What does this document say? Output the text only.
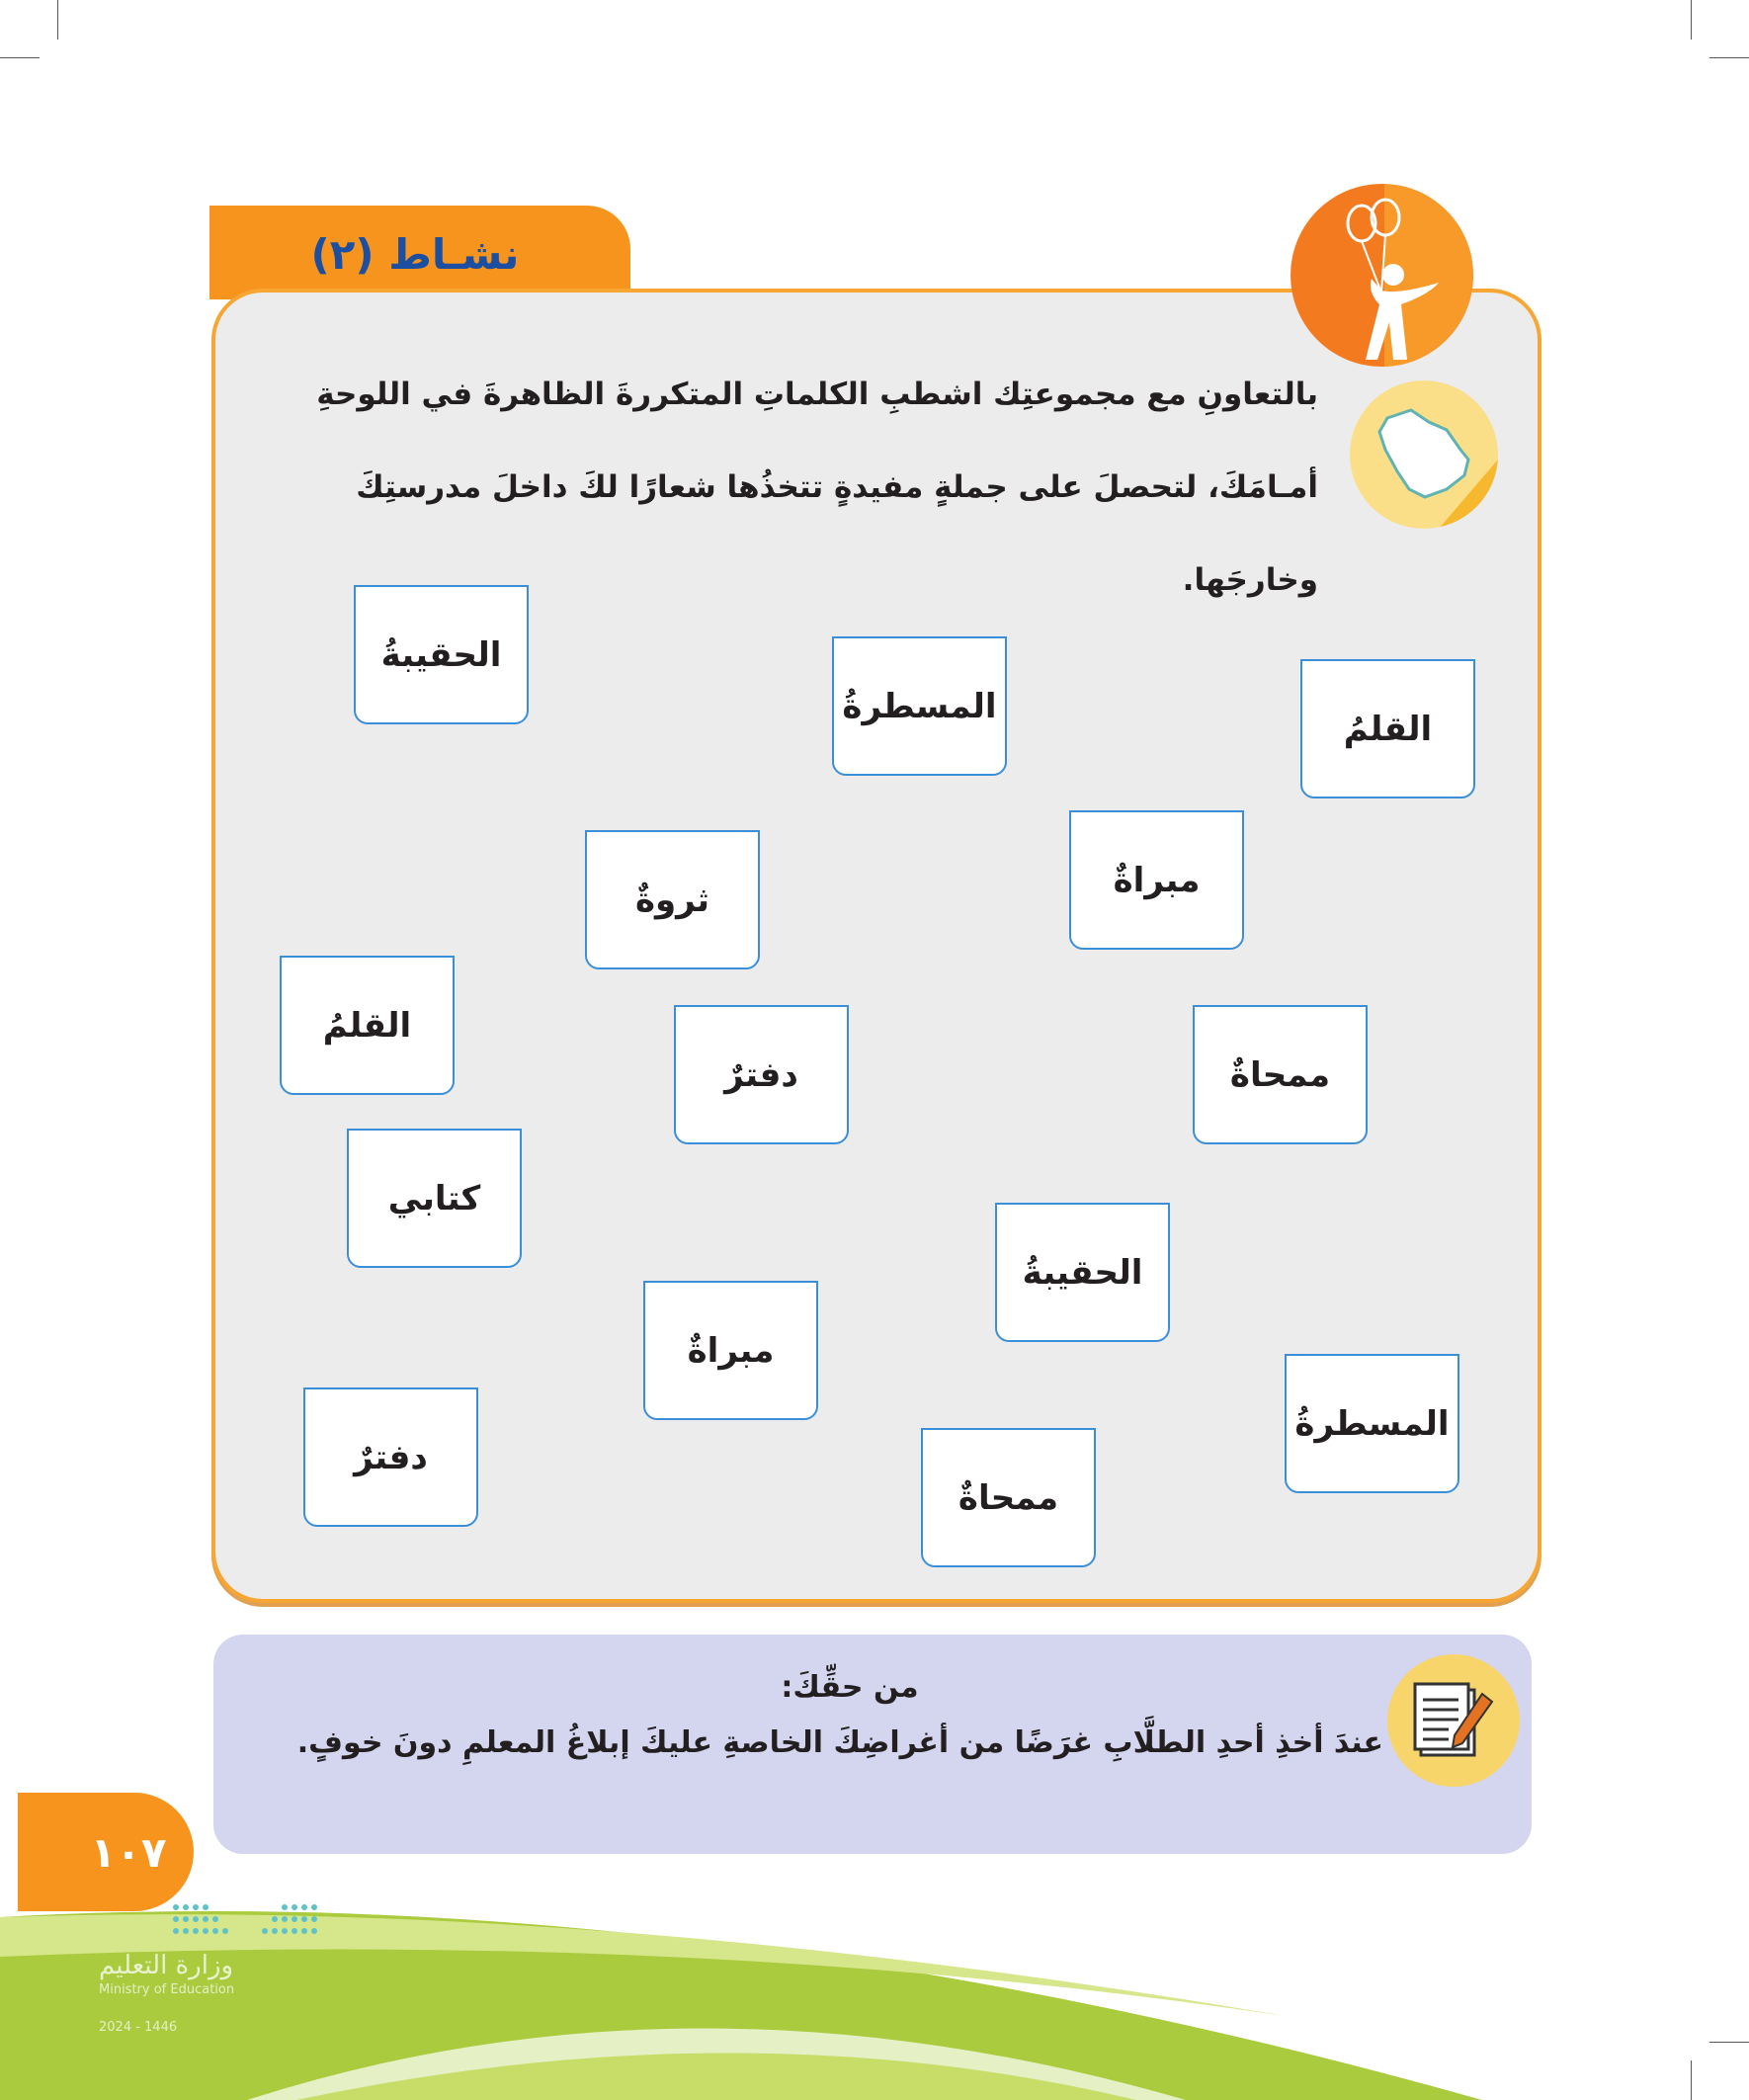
نشـاط (٢)
بالتعاونِ مع مجموعتِك اشطبِ الكلماتِ المتكررةَ الظاهرةَ في اللوحةِ
أمـامَكَ، لتحصلَ على جملةٍ مفيدةٍ تتخذُها شعارًا لكَ داخلَ مدرستِكَ
وخارجَها.
الحقيبةُ
المسطرةُ
القلمُ
مبراةٌ
ثروةٌ
القلمُ
دفترٌ	ممحاةٌ
كتابي
الحقيبةُ
مبراةٌ
المسطرةُ
دفترٌ
ممحاةٌ
من حقِّكَ:
عندَ أخذِ أحدِ الطلَّابِ غرَضًا من أغراضِكَ الخاصةِ عليكَ إبلاغُ المعلمِ دونَ خوفٍ.
١٠٧
وزارة التعليم
Ministry of Education
2024 - 1446
